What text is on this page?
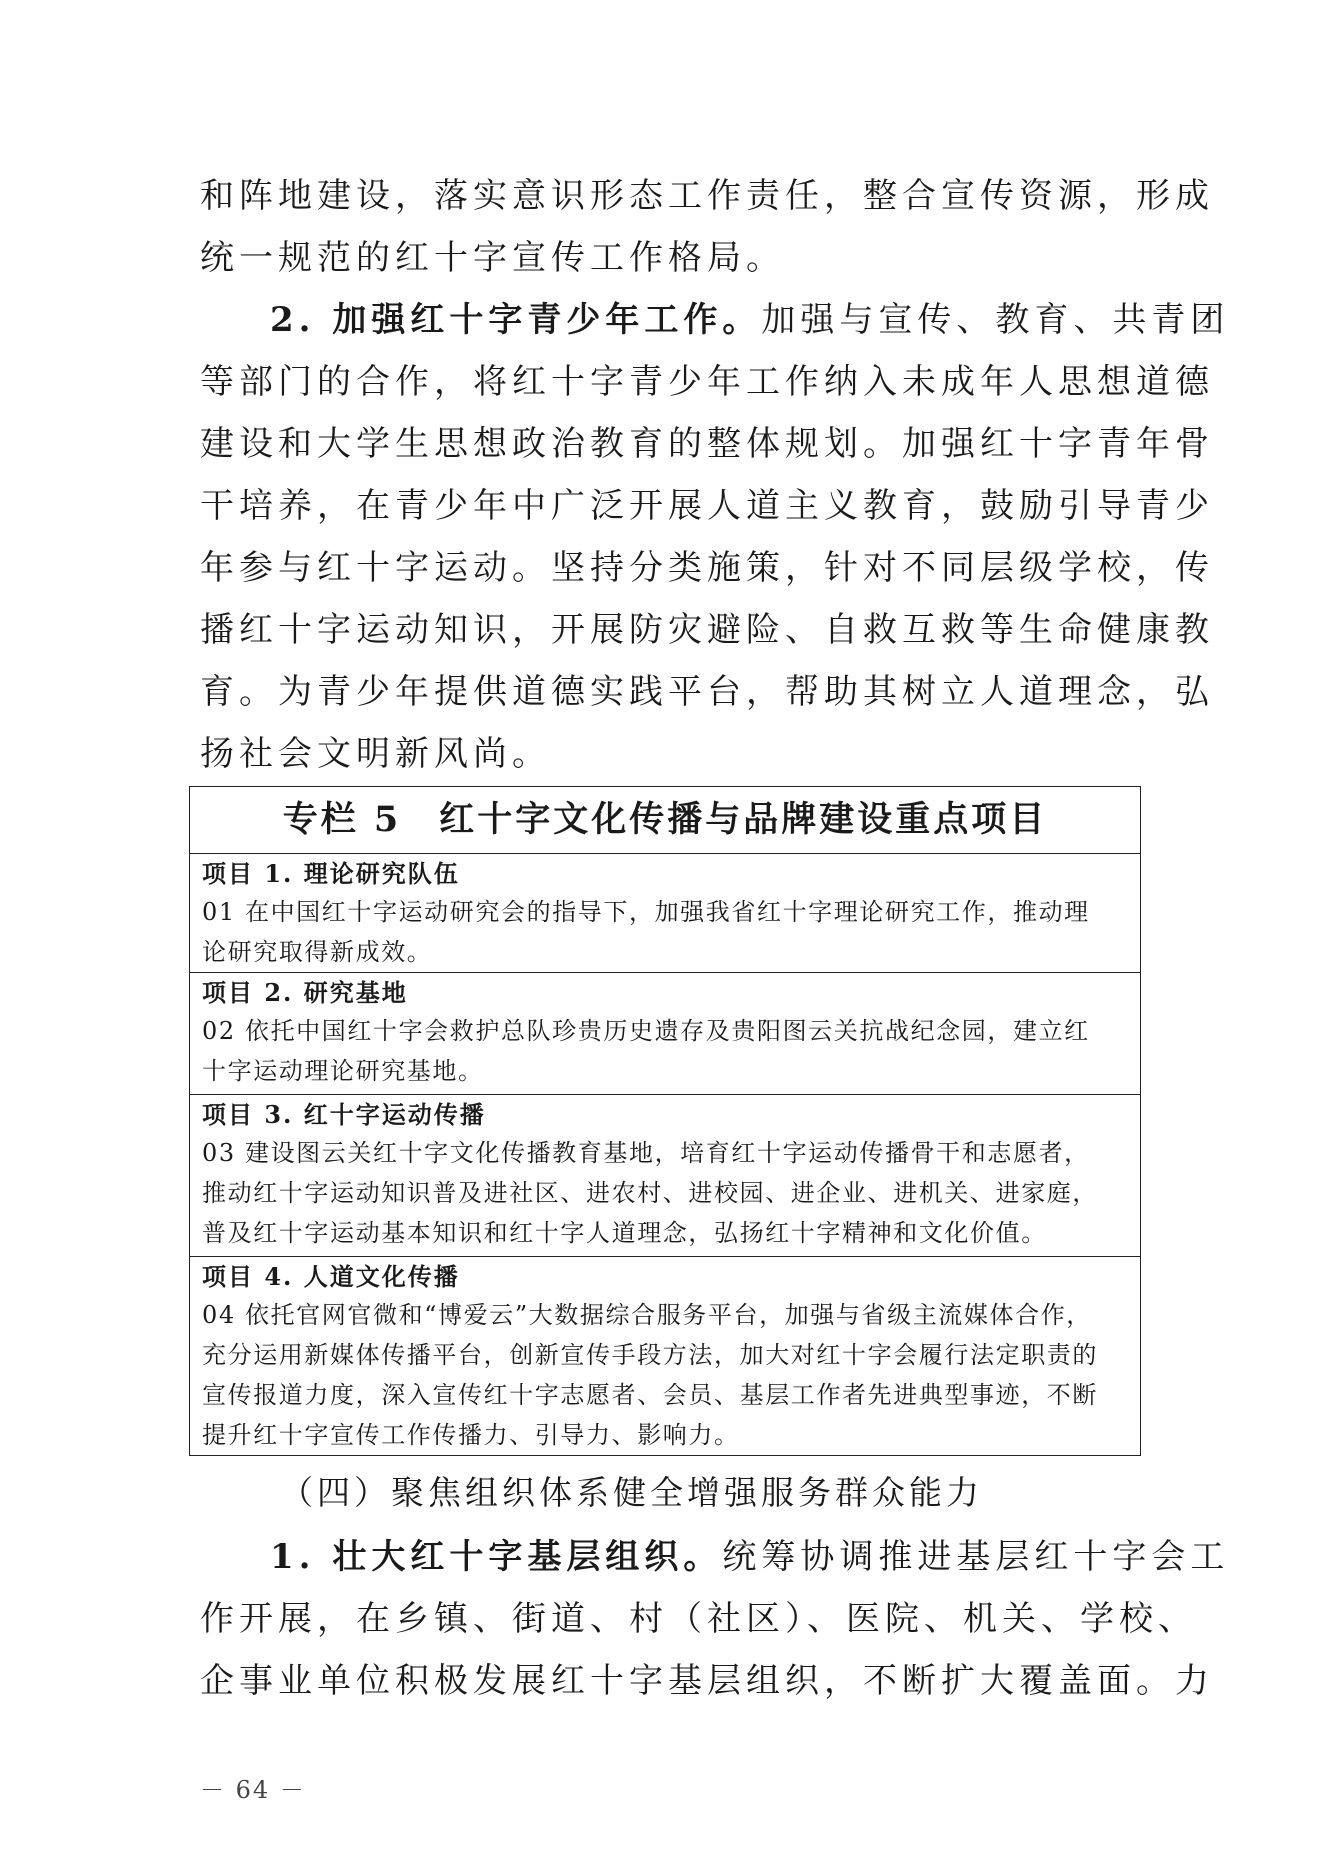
和阵地建设，落实意识形态工作责任，整合宣传资源，形成
统一规范的红十字宣传工作格局。
2. 加强红十字青少年工作。加强与宣传、教育、共青团
等部门的合作，将红十字青少年工作纳入未成年人思想道德
建设和大学生思想政治教育的整体规划。加强红十字青年骨
干培养，在青少年中广泛开展人道主义教育，鼓励引导青少
年参与红十字运动。坚持分类施策，针对不同层级学校，传
播红十字运动知识，开展防灾避险、自救互救等生命健康教
育。为青少年提供道德实践平台，帮助其树立人道理念，弘
扬社会文明新风尚。
专栏 5　红十字文化传播与品牌建设重点项目
项目 1. 理论研究队伍
01 在中国红十字运动研究会的指导下，加强我省红十字理论研究工作，推动理
论研究取得新成效。
项目 2. 研究基地
02 依托中国红十字会救护总队珍贵历史遗存及贵阳图云关抗战纪念园，建立红
十字运动理论研究基地。
项目 3. 红十字运动传播
03 建设图云关红十字文化传播教育基地，培育红十字运动传播骨干和志愿者，
推动红十字运动知识普及进社区、进农村、进校园、进企业、进机关、进家庭，
普及红十字运动基本知识和红十字人道理念，弘扬红十字精神和文化价值。
项目 4. 人道文化传播
04 依托官网官微和“博爱云”大数据综合服务平台，加强与省级主流媒体合作，
充分运用新媒体传播平台，创新宣传手段方法，加大对红十字会履行法定职责的
宣传报道力度，深入宣传红十字志愿者、会员、基层工作者先进典型事迹，不断
提升红十字宣传工作传播力、引导力、影响力。
（四）聚焦组织体系健全增强服务群众能力
1. 壮大红十字基层组织。统筹协调推进基层红十字会工
作开展，在乡镇、街道、村（社区）、医院、机关、学校、
企事业单位积极发展红十字基层组织，不断扩大覆盖面。力
－ 64 －
